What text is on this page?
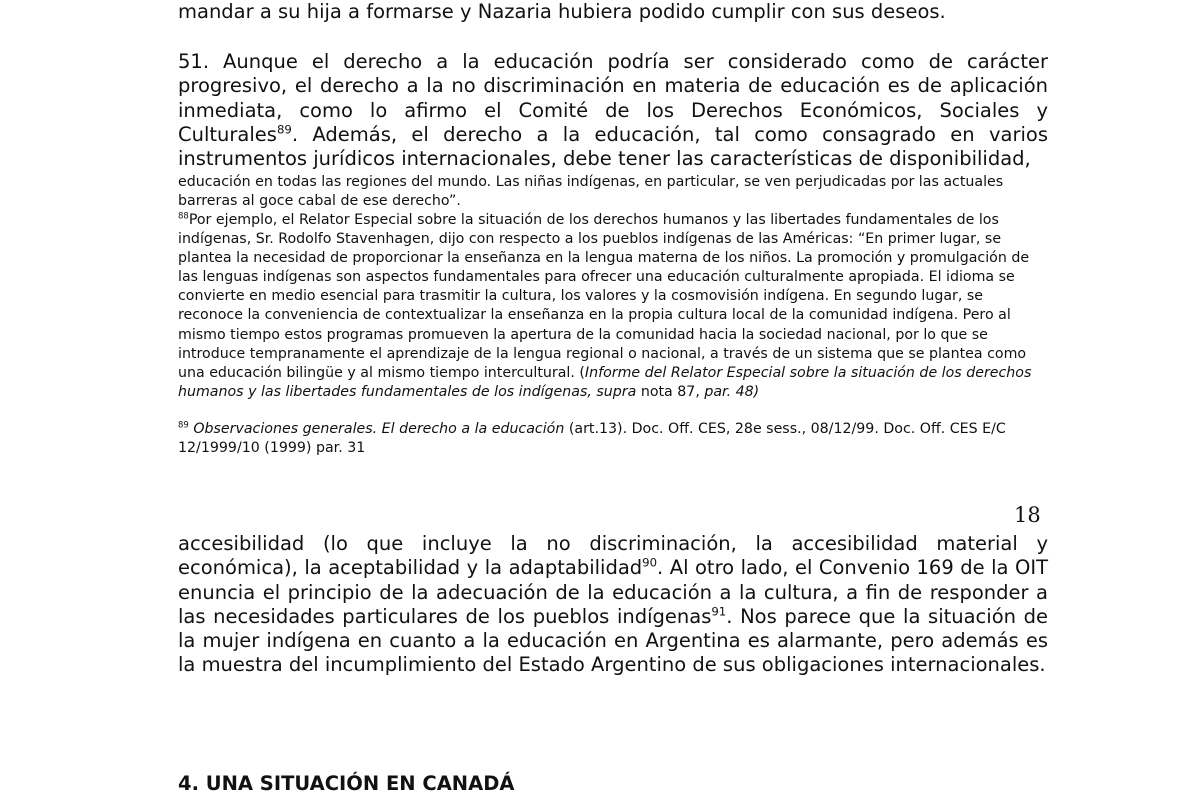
mandar a su hija a formarse y Nazaria hubiera podido cumplir con sus deseos.

51. Aunque el derecho a la educación podría ser considerado como de carácter progresivo, el derecho a la no discriminación en materia de educación es de aplicación inmediata, como lo afirmo el Comité de los Derechos Económicos, Sociales y Culturales$^{89}$. Además, el derecho a la educación, tal como consagrado en varios instrumentos jurídicos internacionales, debe tener las características de disponibilidad,

educación en todas las regiones del mundo. Las niñas indígenas, en particular, se ven perjudicadas por las actuales barreras al goce cabal de ese derecho”.

$^{88}$Por ejemplo, el Relator Especial sobre la situación de los derechos humanos y las libertades fundamentales de los indígenas, Sr. Rodolfo Stavenhagen, dijo con respecto a los pueblos indígenas de las Américas: “En primer lugar, se plantea la necesidad de proporcionar la enseñanza en la lengua materna de los niños. La promoción y promulgación de las lenguas indígenas son aspectos fundamentales para ofrecer una educación culturalmente apropiada. El idioma se convierte en medio esencial para trasmitir la cultura, los valores y la cosmovisión indígena. En segundo lugar, se reconoce la conveniencia de contextualizar la enseñanza en la propia cultura local de la comunidad indígena. Pero al mismo tiempo estos programas promueven la apertura de la comunidad hacia la sociedad nacional, por lo que se introduce tempranamente el aprendizaje de la lengua regional o nacional, a través de un sistema que se plantea como una educación bilingüe y al mismo tiempo intercultural. (Informe del Relator Especial sobre la situación de los derechos humanos y las libertades fundamentales de los indígenas, supra nota 87, par. 48)

$^{89}$ Observaciones generales. El derecho a la educación (art.13). Doc. Off. CES, 28e sess., 08/12/99. Doc. Off. CES E/C 12/1999/10 (1999) par. 31

18

accesibilidad (lo que incluye la no discriminación, la accesibilidad material y económica), la aceptabilidad y la adaptabilidad$^{90}$. Al otro lado, el Convenio 169 de la OIT enuncia el principio de la adecuación de la educación a la cultura, a fin de responder a las necesidades particulares de los pueblos indígenas$^{91}$. Nos parece que la situación de la mujer indígena en cuanto a la educación en Argentina es alarmante, pero además es la muestra del incumplimiento del Estado Argentino de sus obligaciones internacionales.

4. UNA SITUACIÓN EN CANADÁ
